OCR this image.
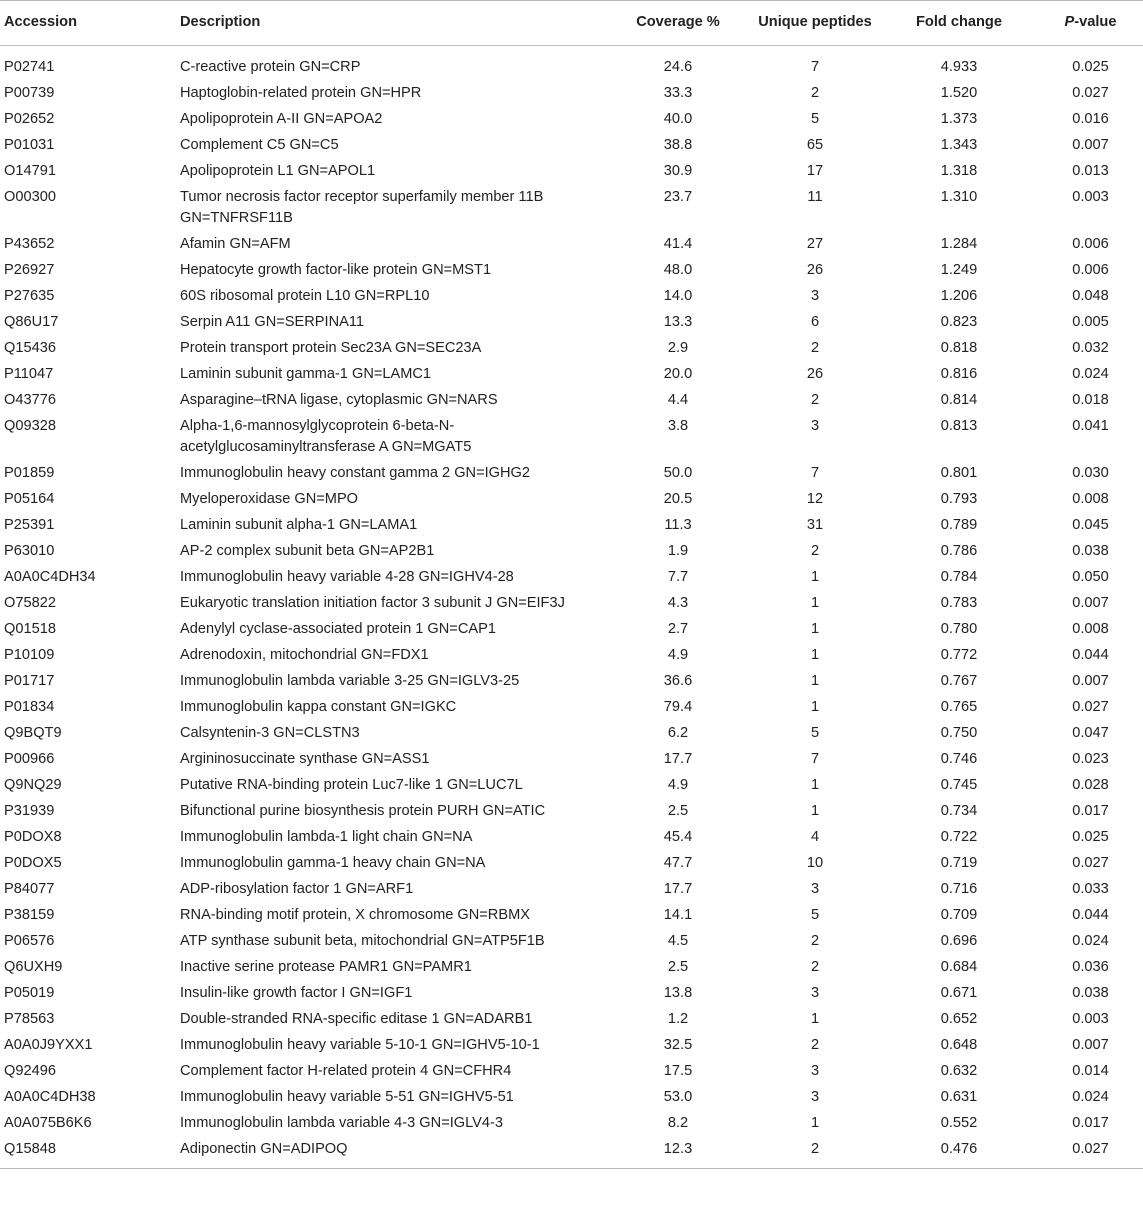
Accession	Description	Coverage %	Unique peptides	Fold change	P-value
P02741	C-reactive protein GN=CRP	24.6	7	4.933	0.025
P00739	Haptoglobin-related protein GN=HPR	33.3	2	1.520	0.027
P02652	Apolipoprotein A-II GN=APOA2	40.0	5	1.373	0.016
P01031	Complement C5 GN=C5	38.8	65	1.343	0.007
O14791	Apolipoprotein L1 GN=APOL1	30.9	17	1.318	0.013
O00300	Tumor necrosis factor receptor superfamily member 11B GN=TNFRSF11B	23.7	11	1.310	0.003
P43652	Afamin GN=AFM	41.4	27	1.284	0.006
P26927	Hepatocyte growth factor-like protein GN=MST1	48.0	26	1.249	0.006
P27635	60S ribosomal protein L10 GN=RPL10	14.0	3	1.206	0.048
Q86U17	Serpin A11 GN=SERPINA11	13.3	6	0.823	0.005
Q15436	Protein transport protein Sec23A GN=SEC23A	2.9	2	0.818	0.032
P11047	Laminin subunit gamma-1 GN=LAMC1	20.0	26	0.816	0.024
O43776	Asparagine–tRNA ligase, cytoplasmic GN=NARS	4.4	2	0.814	0.018
Q09328	Alpha-1,6-mannosylglycoprotein 6-beta-N-acetylglucosaminyltransferase A GN=MGAT5	3.8	3	0.813	0.041
P01859	Immunoglobulin heavy constant gamma 2 GN=IGHG2	50.0	7	0.801	0.030
P05164	Myeloperoxidase GN=MPO	20.5	12	0.793	0.008
P25391	Laminin subunit alpha-1 GN=LAMA1	11.3	31	0.789	0.045
P63010	AP-2 complex subunit beta GN=AP2B1	1.9	2	0.786	0.038
A0A0C4DH34	Immunoglobulin heavy variable 4-28 GN=IGHV4-28	7.7	1	0.784	0.050
O75822	Eukaryotic translation initiation factor 3 subunit J GN=EIF3J	4.3	1	0.783	0.007
Q01518	Adenylyl cyclase-associated protein 1 GN=CAP1	2.7	1	0.780	0.008
P10109	Adrenodoxin, mitochondrial GN=FDX1	4.9	1	0.772	0.044
P01717	Immunoglobulin lambda variable 3-25 GN=IGLV3-25	36.6	1	0.767	0.007
P01834	Immunoglobulin kappa constant GN=IGKC	79.4	1	0.765	0.027
Q9BQT9	Calsyntenin-3 GN=CLSTN3	6.2	5	0.750	0.047
P00966	Argininosuccinate synthase GN=ASS1	17.7	7	0.746	0.023
Q9NQ29	Putative RNA-binding protein Luc7-like 1 GN=LUC7L	4.9	1	0.745	0.028
P31939	Bifunctional purine biosynthesis protein PURH GN=ATIC	2.5	1	0.734	0.017
P0DOX8	Immunoglobulin lambda-1 light chain GN=NA	45.4	4	0.722	0.025
P0DOX5	Immunoglobulin gamma-1 heavy chain GN=NA	47.7	10	0.719	0.027
P84077	ADP-ribosylation factor 1 GN=ARF1	17.7	3	0.716	0.033
P38159	RNA-binding motif protein, X chromosome GN=RBMX	14.1	5	0.709	0.044
P06576	ATP synthase subunit beta, mitochondrial GN=ATP5F1B	4.5	2	0.696	0.024
Q6UXH9	Inactive serine protease PAMR1 GN=PAMR1	2.5	2	0.684	0.036
P05019	Insulin-like growth factor I GN=IGF1	13.8	3	0.671	0.038
P78563	Double-stranded RNA-specific editase 1 GN=ADARB1	1.2	1	0.652	0.003
A0A0J9YXX1	Immunoglobulin heavy variable 5-10-1 GN=IGHV5-10-1	32.5	2	0.648	0.007
Q92496	Complement factor H-related protein 4 GN=CFHR4	17.5	3	0.632	0.014
A0A0C4DH38	Immunoglobulin heavy variable 5-51 GN=IGHV5-51	53.0	3	0.631	0.024
A0A075B6K6	Immunoglobulin lambda variable 4-3 GN=IGLV4-3	8.2	1	0.552	0.017
Q15848	Adiponectin GN=ADIPOQ	12.3	2	0.476	0.027
